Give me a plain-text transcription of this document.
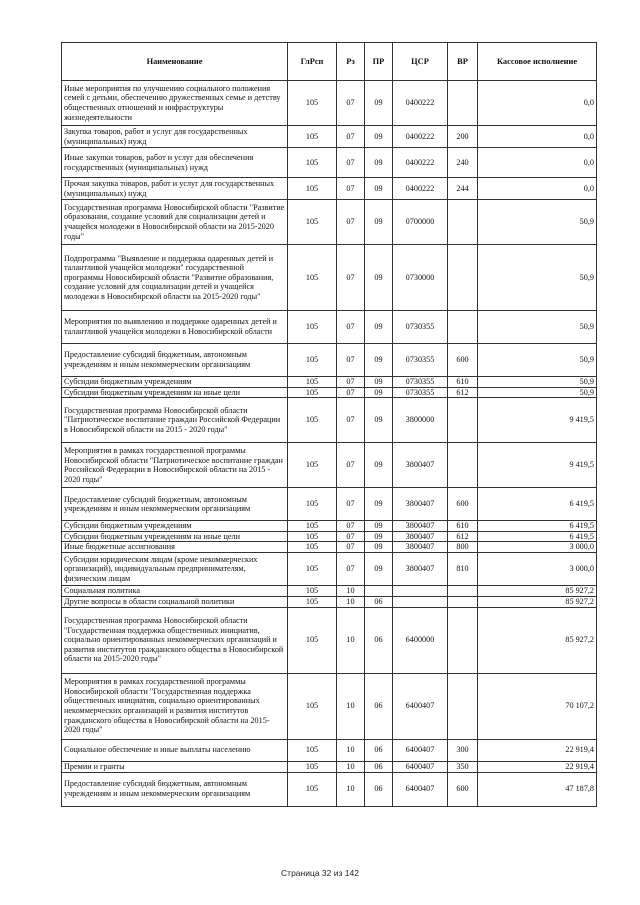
Наименование	ГлРсп	Рз	ПР	ЦСР	ВР	Кассовое исполнение
Иные мероприятия по улучшению социального положения семей с детьми, обеспечению дружественных семье и детству общественных отношений и инфраструктуры жизнедеятельности	105	07	09	0400222		0,0
Закупка товаров, работ и услуг для государственных (муниципальных) нужд	105	07	09	0400222	200	0,0
Иные закупки товаров, работ и услуг для обеспечения государственных (муниципальных) нужд	105	07	09	0400222	240	0,0
Прочая закупка товаров, работ и услуг для государственных (муниципальных) нужд	105	07	09	0400222	244	0,0
Государственная программа Новосибирской области "Развитие образования, создание условий для социализации детей и учащейся молодежи в Новосибирской области на 2015-2020 годы"	105	07	09	0700000		50,9
Подпрограмма "Выявление и поддержка одаренных детей и талантливой учащейся молодежи" государственной программы Новосибирской области "Развитие образования, создание условий для социализации детей и учащейся молодежи в Новосибирской области на 2015-2020 годы"	105	07	09	0730000		50,9
Мероприятия по выявлению и поддержке одаренных детей и талантливой учащейся молодежи в Новосибирской области	105	07	09	0730355		50,9
Предоставление субсидий бюджетным, автономным учреждениям и иным некоммерческим организациям	105	07	09	0730355	600	50,9
Субсидии бюджетным учреждениям	105	07	09	0730355	610	50,9
Субсидии бюджетным учреждениям на иные цели	105	07	09	0730355	612	50,9
Государственная программа Новосибирской области "Патриотическое воспитание граждан Российской Федерации в Новосибирской области на 2015 - 2020 годы"	105	07	09	3800000		9 419,5
Мероприятия в рамках государственной программы Новосибирской области "Патриотическое воспитание граждан Российской Федерации в Новосибирской области на 2015 - 2020 годы"	105	07	09	3800407		9 419,5
Предоставление субсидий бюджетным, автономным учреждениям и иным некоммерческим организациям	105	07	09	3800407	600	6 419,5
Субсидии бюджетным учреждениям	105	07	09	3800407	610	6 419,5
Субсидии бюджетным учреждениям на иные цели	105	07	09	3800407	612	6 419,5
Иные бюджетные ассигнования	105	07	09	3800407	800	3 000,0
Субсидии юридическим лицам (кроме некоммерческих организаций), индивидуальным предпринимателям, физическим лицам	105	07	09	3800407	810	3 000,0
Социальная политика	105	10				85 927,2
Другие вопросы в области социальной политики	105	10	06			85 927,2
Государственная программа Новосибирской области "Государственная поддержка общественных инициатив, социально ориентированных некоммерческих организаций и развития институтов гражданского общества в Новосибирской области на 2015-2020 годы"	105	10	06	6400000		85 927,2
Мероприятия в рамках государственной программы Новосибирской области "Государственная поддержка общественных инициатив, социально ориентированных некоммерческих организаций и развития институтов гражданского общества в Новосибирской области на 2015-2020 годы"	105	10	06	6400407		70 107,2
Социальное обеспечение и иные выплаты населению	105	10	06	6400407	300	22 919,4
Премии и гранты	105	10	06	6400407	350	22 919,4
Предоставление субсидий бюджетным, автономным учреждениям и иным некоммерческим организациям	105	10	06	6400407	600	47 187,8
Страница 32 из 142
